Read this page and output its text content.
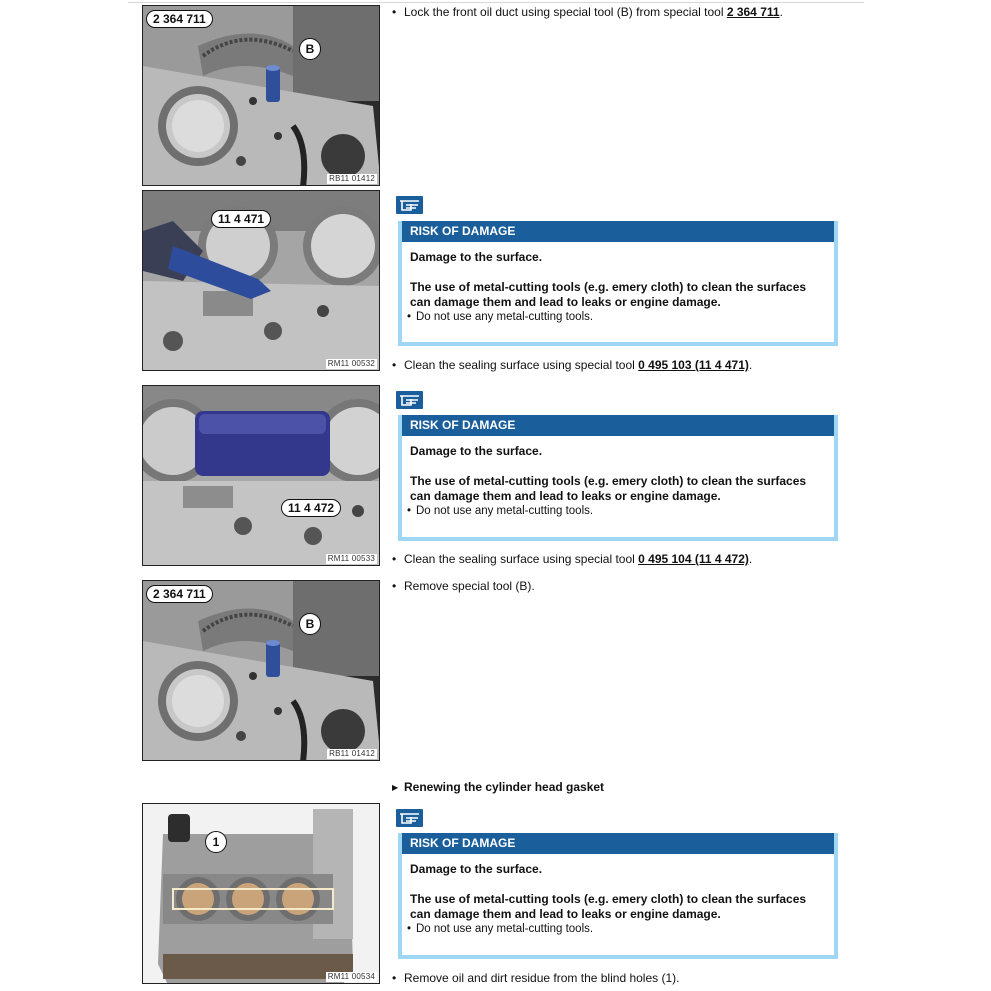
2 364 711
B
RB11 01412
• Lock the front oil duct using special tool (B) from special tool 2 364 711.
11 4 471
RM11 00532
RISK OF DAMAGE
Damage to the surface.
The use of metal-cutting tools (e.g. emery cloth) to clean the surfaces can damage them and lead to leaks or engine damage.
• Do not use any metal-cutting tools.
• Clean the sealing surface using special tool 0 495 103 (11 4 471).
11 4 472
RM11 00533
RISK OF DAMAGE
Damage to the surface.
The use of metal-cutting tools (e.g. emery cloth) to clean the surfaces can damage them and lead to leaks or engine damage.
• Do not use any metal-cutting tools.
• Clean the sealing surface using special tool 0 495 104 (11 4 472).
2 364 711
B
RB11 01412
• Remove special tool (B).
▶ Renewing the cylinder head gasket
1
RM11 00534
RISK OF DAMAGE
Damage to the surface.
The use of metal-cutting tools (e.g. emery cloth) to clean the surfaces can damage them and lead to leaks or engine damage.
• Do not use any metal-cutting tools.
• Remove oil and dirt residue from the blind holes (1).
